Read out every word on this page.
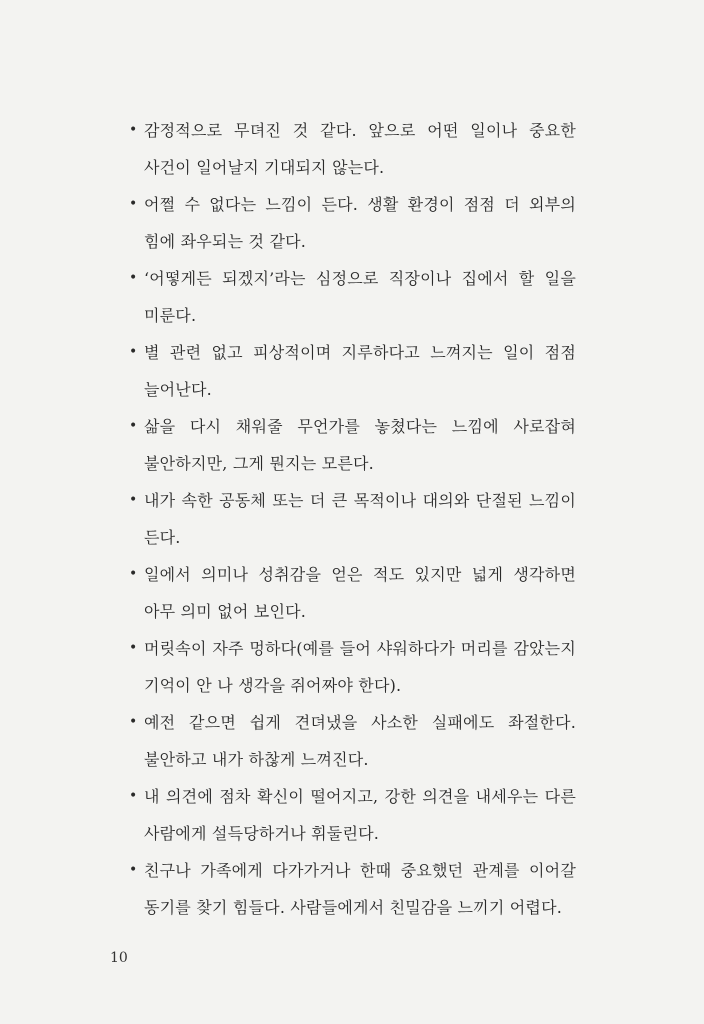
• 감정적으로 무뎌진 것 같다. 앞으로 어떤 일이나 중요한 사건이 일어날지 기대되지 않는다.
• 어쩔 수 없다는 느낌이 든다. 생활 환경이 점점 더 외부의 힘에 좌우되는 것 같다.
• ‘어떻게든 되겠지’라는 심정으로 직장이나 집에서 할 일을 미룬다.
• 별 관련 없고 피상적이며 지루하다고 느껴지는 일이 점점 늘어난다.
• 삶을 다시 채워줄 무언가를 놓쳤다는 느낌에 사로잡혀 불안하지만, 그게 뭔지는 모른다.
• 내가 속한 공동체 또는 더 큰 목적이나 대의와 단절된 느낌이 든다.
• 일에서 의미나 성취감을 얻은 적도 있지만 넓게 생각하면 아무 의미 없어 보인다.
• 머릿속이 자주 멍하다(예를 들어 샤워하다가 머리를 감았는지 기억이 안 나 생각을 쥐어짜야 한다).
• 예전 같으면 쉽게 견뎌냈을 사소한 실패에도 좌절한다. 불안하고 내가 하찮게 느껴진다.
• 내 의견에 점차 확신이 떨어지고, 강한 의견을 내세우는 다른 사람에게 설득당하거나 휘둘린다.
• 친구나 가족에게 다가가거나 한때 중요했던 관계를 이어갈 동기를 찾기 힘들다. 사람들에게서 친밀감을 느끼기 어렵다.
10
